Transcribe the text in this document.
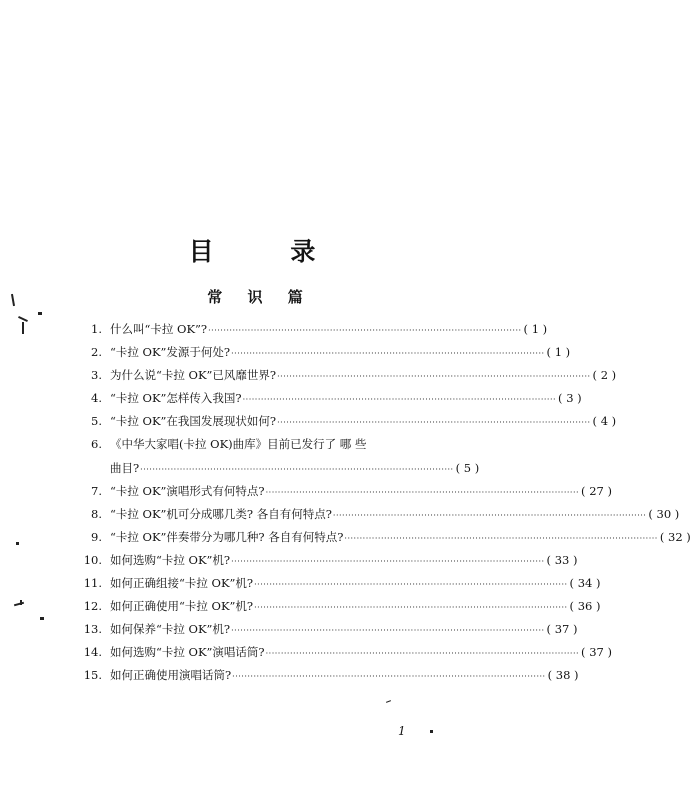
目 录
常 识 篇
1. 什么叫“卡拉 OK”? ······································································································· ( 1 )
2. “卡拉 OK”发源于何处? ······································································································· ( 1 )
3. 为什么说“卡拉 OK”已风靡世界? ······································································································· ( 2 )
4. “卡拉 OK”怎样传入我国? ······································································································· ( 3 )
5. “卡拉 OK”在我国发展现状如何? ······································································································· ( 4 )
6. 《中华大家唱(卡拉 OK)曲库》目前已发行了 哪 些
曲目? ······································································································· ( 5 )
7. “卡拉 OK”演唱形式有何特点? ······································································································· ( 27 )
8. “卡拉 OK”机可分成哪几类? 各自有何特点? ······································································································· ( 30 )
9. “卡拉 OK”伴奏带分为哪几种? 各自有何特点? ······································································································· ( 32 )
10. 如何选购“卡拉 OK”机? ······································································································· ( 33 )
11. 如何正确组接“卡拉 OK”机? ······································································································· ( 34 )
12. 如何正确使用“卡拉 OK”机? ······································································································· ( 36 )
13. 如何保养“卡拉 OK”机? ······································································································· ( 37 )
14. 如何选购“卡拉 OK”演唱话筒? ······································································································· ( 37 )
15. 如何正确使用演唱话筒? ······································································································· ( 38 )
1
